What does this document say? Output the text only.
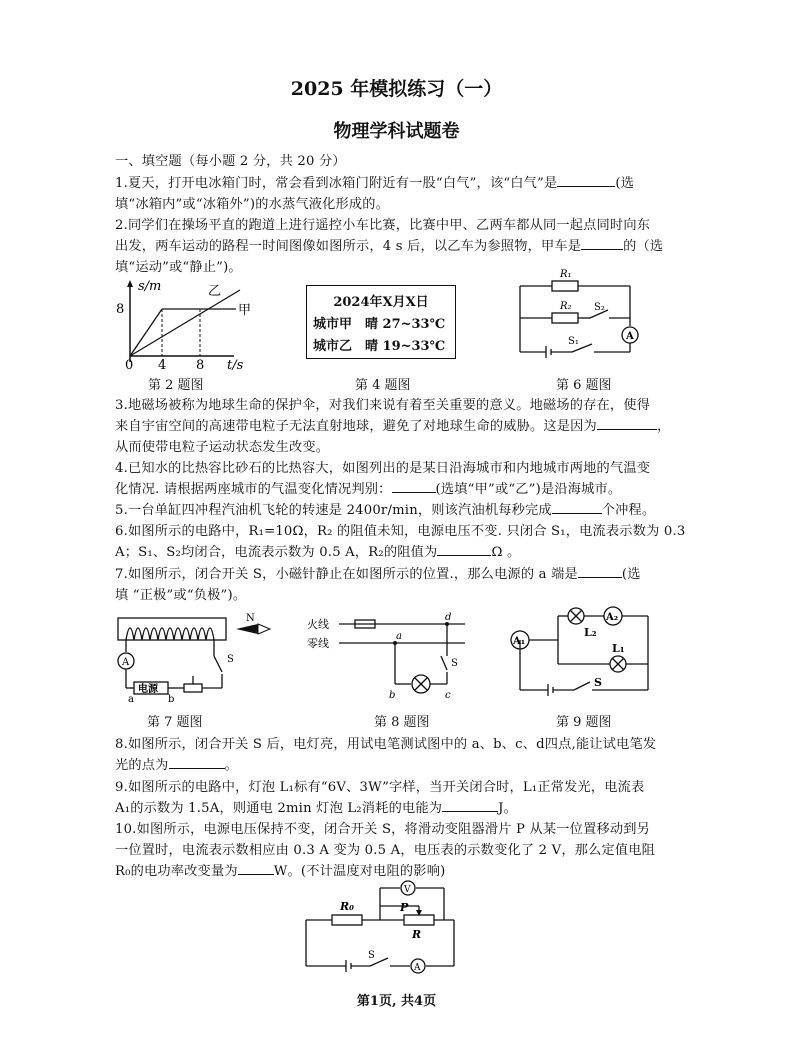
2025 年模拟练习（一）
物理学科试题卷
一、填空题（每小题 2 分，共 20 分）
1.夏天，打开电冰箱门时，常会看到冰箱门附近有一股“白气”，该“白气”是	(选
填“冰箱内”或“冰箱外”)的水蒸气液化形成的。
2.同学们在操场平直的跑道上进行遥控小车比赛，比赛中甲、乙两车都从同一起点同时向东
出发，两车运动的路程一时间图像如图所示，4 s 后，以乙车为参照物，甲车是	的（选
填“运动”或“静止”)。
s/m
8
0 4 8 t/s
甲
乙
第 2 题图
2024年X月X日
城市甲　晴 27~33℃
城市乙　晴 19~33℃
第 4 题图
R₁
R₂ S₂
S₁	A
第 6 题图
3.地磁场被称为地球生命的保护伞，对我们来说有着至关重要的意义。地磁场的存在，使得
来自宇宙空间的高速带电粒子无法直射地球，避免了对地球生命的威胁。这是因为	，
从而使带电粒子运动状态发生改变。
4.已知水的比热容比砂石的比热容大，如图列出的是某日沿海城市和内地城市两地的气温变
化情况. 请根据两座城市的气温变化情况判别：	(选填“甲”或“乙”)是沿海城市。
5.一台单缸四冲程汽油机飞轮的转速是 2400r/min，则该汽油机每秒完成	个冲程。
6.如图所示的电路中，R₁=10Ω，R₂ 的阻值未知，电源电压不变. 只闭合 S₁，电流表示数为 0.3
A；S₁、S₂均闭合，电流表示数为 0.5 A，R₂的阻值为	Ω 。
7.如图所示，闭合开关 S，小磁针静止在如图所示的位置.，那么电源的 a 端是	(选
填 “正极”或“负极”)。
N
A
电源
a	b
S
第 7 题图
火线
零线
a
d
b	c
S
第 8 题图
A₁
A₂
L₂
L₁
S
第 9 题图
8.如图所示，闭合开关 S 后，电灯亮，用试电笔测试图中的 a、b、c、d四点,能让试电笔发
光的点为	。
9.如图所示的电路中，灯泡 L₁标有“6V、3W”字样，当开关闭合时，L₁正常发光，电流表
A₁的示数为 1.5A，则通电 2min 灯泡 L₂消耗的电能为	J。
10.如图所示，电源电压保持不变，闭合开关 S，将滑动变阻器滑片 P 从某一位置移动到另
一位置时，电流表示数相应由 0.3 A 变为 0.5 A，电压表的示数变化了 2 V，那么定值电阻
R₀的电功率改变量为	W。(不计温度对电阻的影响)
R₀	P
R
V
A
S
第1页, 共4页
